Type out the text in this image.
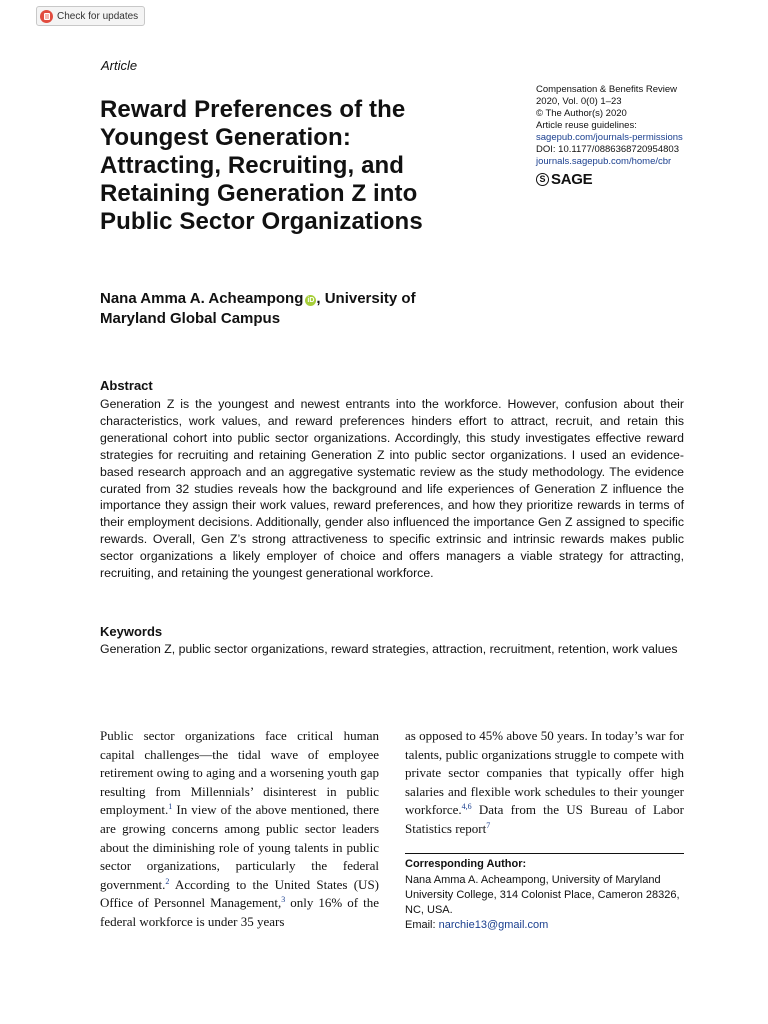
Check for updates
Article
Reward Preferences of the
Youngest Generation:
Attracting, Recruiting, and
Retaining Generation Z into
Public Sector Organizations
Compensation & Benefits Review
2020, Vol. 0(0) 1–23
© The Author(s) 2020
Article reuse guidelines:
sagepub.com/journals-permissions
DOI: 10.1177/0886368720954803
journals.sagepub.com/home/cbr
S SAGE
Nana Amma A. Acheampong iD , University of
Maryland Global Campus
Abstract

Generation Z is the youngest and newest entrants into the workforce. However, confusion about their characteristics, work values, and reward preferences hinders effort to attract, recruit, and retain this generational cohort into public sector organizations. Accordingly, this study investigates effective reward strategies for recruiting and retaining Generation Z into public sector organizations. I used an evidence-based research approach and an aggregative systematic review as the study methodology. The evidence curated from 32 studies reveals how the background and life experiences of Generation Z influence the importance they assign their work values, reward preferences, and how they prioritize rewards in terms of their employment decisions. Additionally, gender also influenced the importance Gen Z assigned to specific rewards. Overall, Gen Z’s strong attractiveness to specific extrinsic and intrinsic rewards makes public sector organizations a likely employer of choice and offers managers a viable strategy for attracting, recruiting, and retaining the youngest generational workforce.

Keywords

Generation Z, public sector organizations, reward strategies, attraction, recruitment, retention, work values

Public sector organizations face critical human capital challenges—the tidal wave of employee retirement owing to aging and a worsening youth gap resulting from Millennials’ disinterest in public employment.$^1$ In view of the above mentioned, there are growing concerns among public sector leaders about the diminishing role of young talents in public sector organizations, particularly the federal government.$^2$ According to the United States (US) Office of Personnel Management,$^3$ only 16% of the federal workforce is under 35 years

as opposed to 45% above 50 years. In today’s war for talents, public organizations struggle to compete with private sector companies that typically offer high salaries and flexible work schedules to their younger workforce.$^{4,6}$ Data from the US Bureau of Labor Statistics report$^7$

Corresponding Author:
Nana Amma A. Acheampong, University of Maryland
University College, 314 Colonist Place, Cameron 28326,
NC, USA.
Email: narchie13@gmail.com
